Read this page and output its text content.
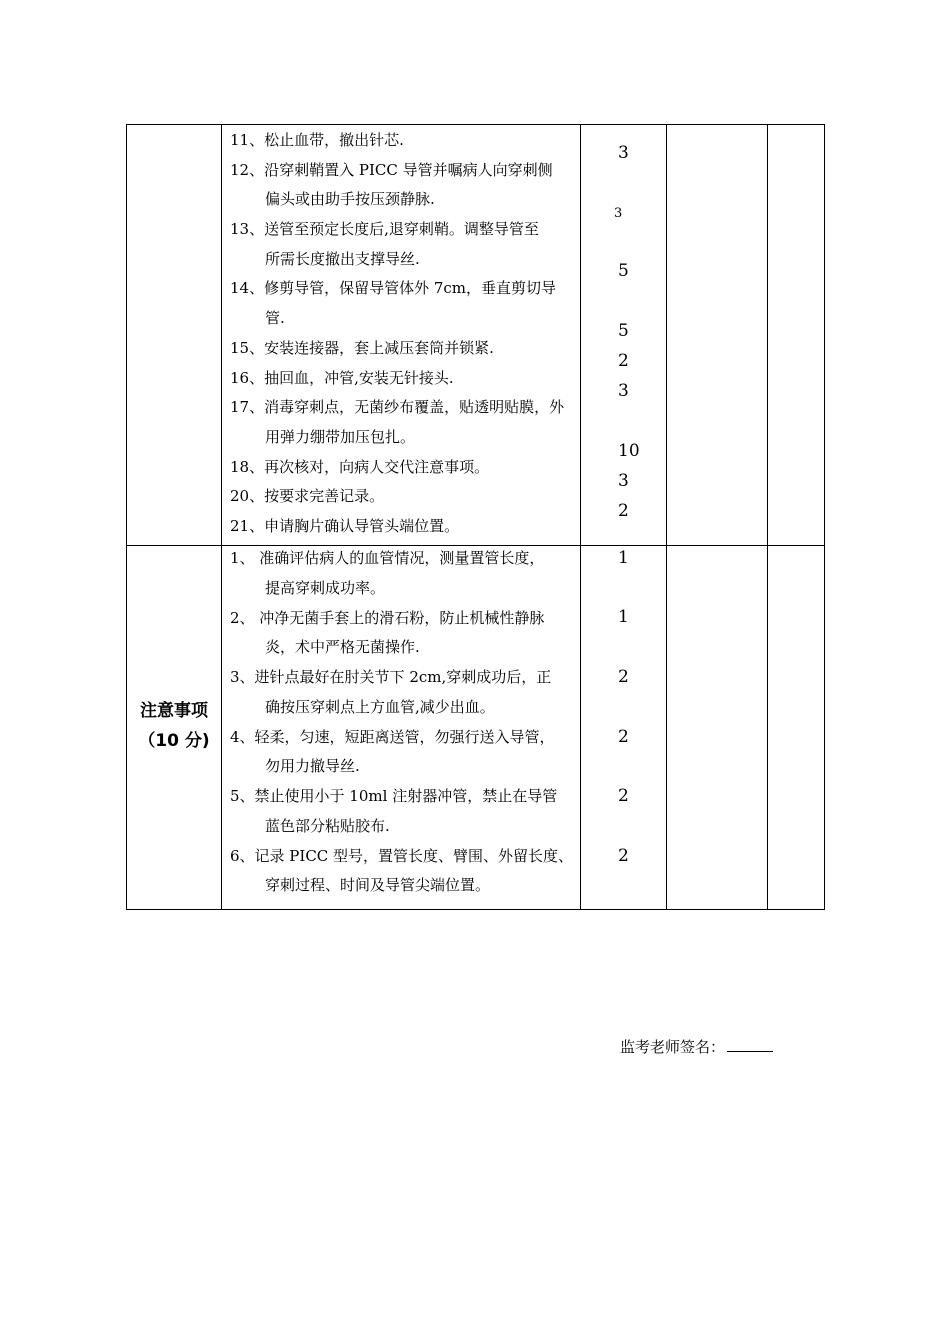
11、松止血带，撤出针芯.
12、沿穿刺鞘置入 PICC 导管并嘱病人向穿刺侧
偏头或由助手按压颈静脉.
13、送管至预定长度后,退穿刺鞘。调整导管至
所需长度撤出支撑导丝.
14、修剪导管，保留导管体外 7cm，垂直剪切导
管.
15、安装连接器，套上减压套筒并锁紧.
16、抽回血，冲管,安装无针接头.
17、消毒穿刺点，无菌纱布覆盖，贴透明贴膜，外
用弹力绷带加压包扎。
18、再次核对，向病人交代注意事项。
20、按要求完善记录。
21、申请胸片确认导管头端位置。
3
3
5
5
2
3
10
3
2
注意事项
（10 分)
1、 准确评估病人的血管情况，测量置管长度，
提高穿刺成功率。
2、 冲净无菌手套上的滑石粉，防止机械性静脉
炎，术中严格无菌操作.
3、进针点最好在肘关节下 2cm,穿刺成功后，正
确按压穿刺点上方血管,减少出血。
4、轻柔，匀速，短距离送管，勿强行送入导管，
勿用力撤导丝.
5、禁止使用小于 10ml 注射器冲管，禁止在导管
蓝色部分粘贴胶布.
6、记录 PICC 型号，置管长度、臂围、外留长度、
穿刺过程、时间及导管尖端位置。
1
1
2
2
2
2
监考老师签名：
